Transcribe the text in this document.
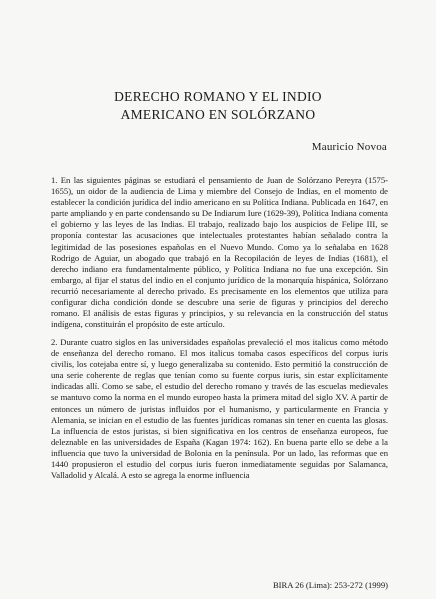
DERECHO ROMANO Y EL INDIO
AMERICANO EN SOLÓRZANO
Mauricio Novoa

1. En las siguientes páginas se estudiará el pensamiento de Juan de Solórzano Pereyra (1575-1655), un oidor de la audiencia de Lima y miembre del Consejo de Indias, en el momento de establecer la condición jurídica del indio americano en su Política Indiana. Publicada en 1647, en parte ampliando y en parte condensando su De Indiarum Iure (1629-39), Política Indiana comenta el gobierno y las leyes de las Indias. El trabajo, realizado bajo los auspicios de Felipe III, se proponía contestar las acusaciones que intelectuales protestantes habían señalado contra la legitimidad de las posesiones españolas en el Nuevo Mundo. Como ya lo señalaba en 1628 Rodrigo de Aguiar, un abogado que trabajó en la Recopilación de leyes de Indias (1681), el derecho indiano era fundamentalmente público, y Política Indiana no fue una excepción. Sin embargo, al fijar el status del indio en el conjunto jurídico de la monarquía hispánica, Solórzano recurrió necesariamente al derecho privado. Es precisamente en los elementos que utiliza para configurar dicha condición donde se descubre una serie de figuras y principios del derecho romano. El análisis de estas figuras y principios, y su relevancia en la construcción del status indígena, constituirán el propósito de este artículo.

2. Durante cuatro siglos en las universidades españolas prevaleció el mos italicus como método de enseñanza del derecho romano. El mos italicus tomaba casos específicos del corpus iuris civilis, los cotejaba entre sí, y luego generalizaba su contenido. Esto permitió la construcción de una serie coherente de reglas que tenían como su fuente corpus iuris, sin estar explícitamente indicadas allí. Como se sabe, el estudio del derecho romano y través de las escuelas medievales se mantuvo como la norma en el mundo europeo hasta la primera mitad del siglo XV. A partir de entonces un número de juristas influidos por el humanismo, y particularmente en Francia y Alemania, se inician en el estudio de las fuentes jurídicas romanas sin tener en cuenta las glosas. La influencia de estos juristas, si bien significativa en los centros de enseñanza europeos, fue deleznable en las universidades de España (Kagan 1974: 162). En buena parte ello se debe a la influencia que tuvo la universidad de Bolonia en la península. Por un lado, las reformas que en 1440 propusieron el estudio del corpus iuris fueron inmediatamente seguidas por Salamanca, Valladolid y Alcalá. A esto se agrega la enorme influencia

BIRA 26 (Lima): 253-272 (1999)
